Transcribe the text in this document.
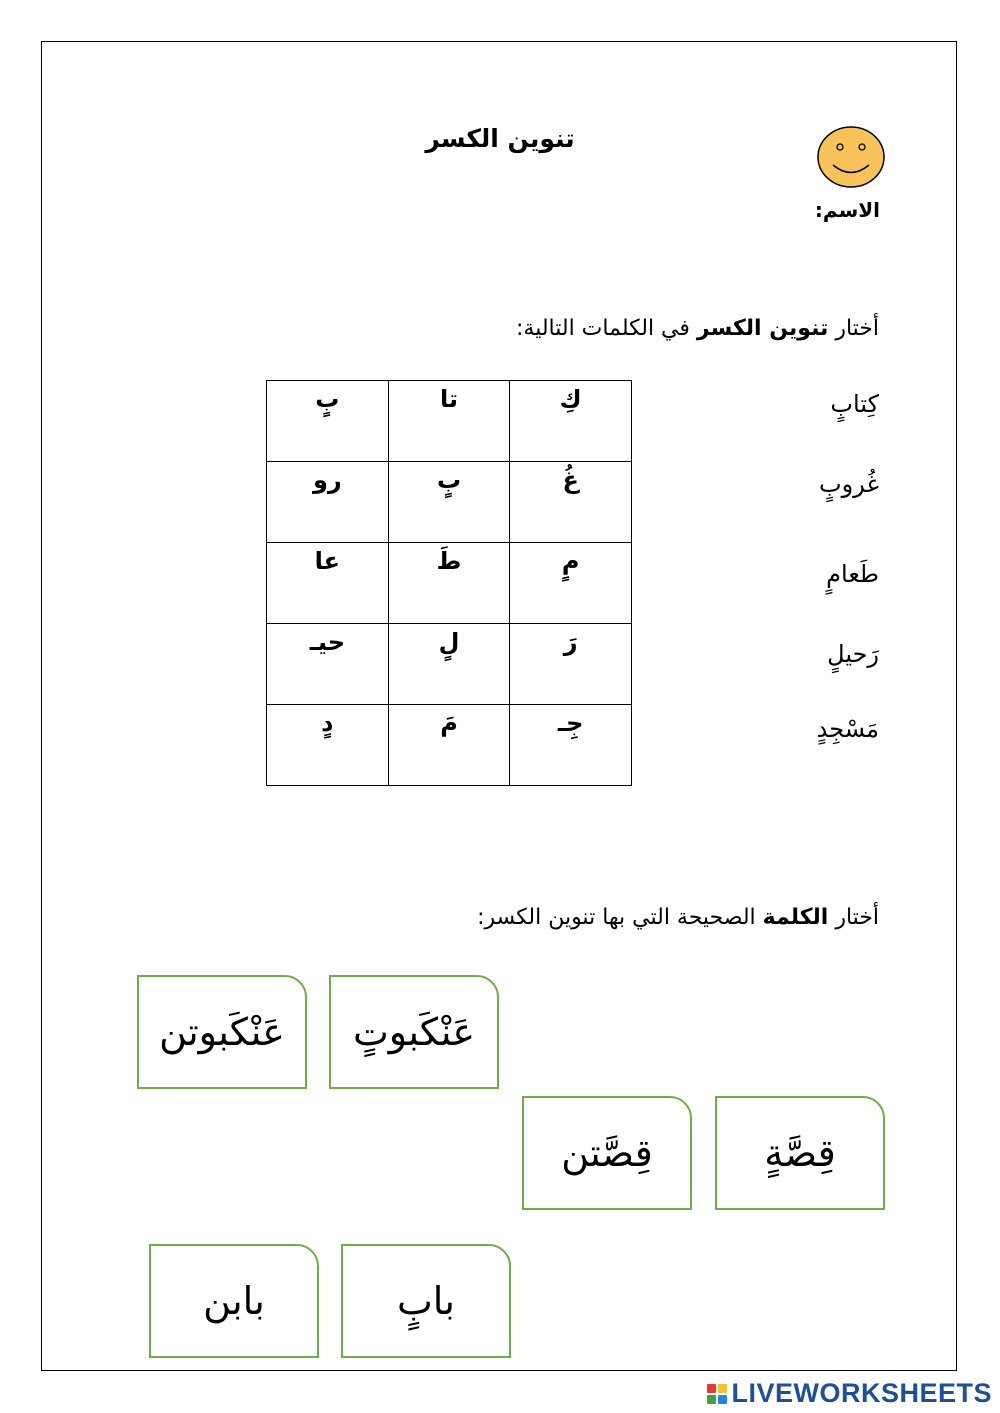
تنوين الكسر
الاسم:
أختار تنوين الكسر في الكلمات التالية:
كِتابٍ
غُروبٍ
طَعامٍ
رَحيلٍ
مَسْجِدٍ
كِ	تا	بٍ
غُ	بٍ	رو
مٍ	طَ	عا
رَ	لٍ	حيـ
جِـ	مَ	دٍ
أختار الكلمة الصحيحة التي بها تنوين الكسر:
عَنْكَبوتن	عَنْكَبوتٍ
قِصَّتن	قِصَّةٍ
بابن	بابٍ
LIVEWORKSHEETS
